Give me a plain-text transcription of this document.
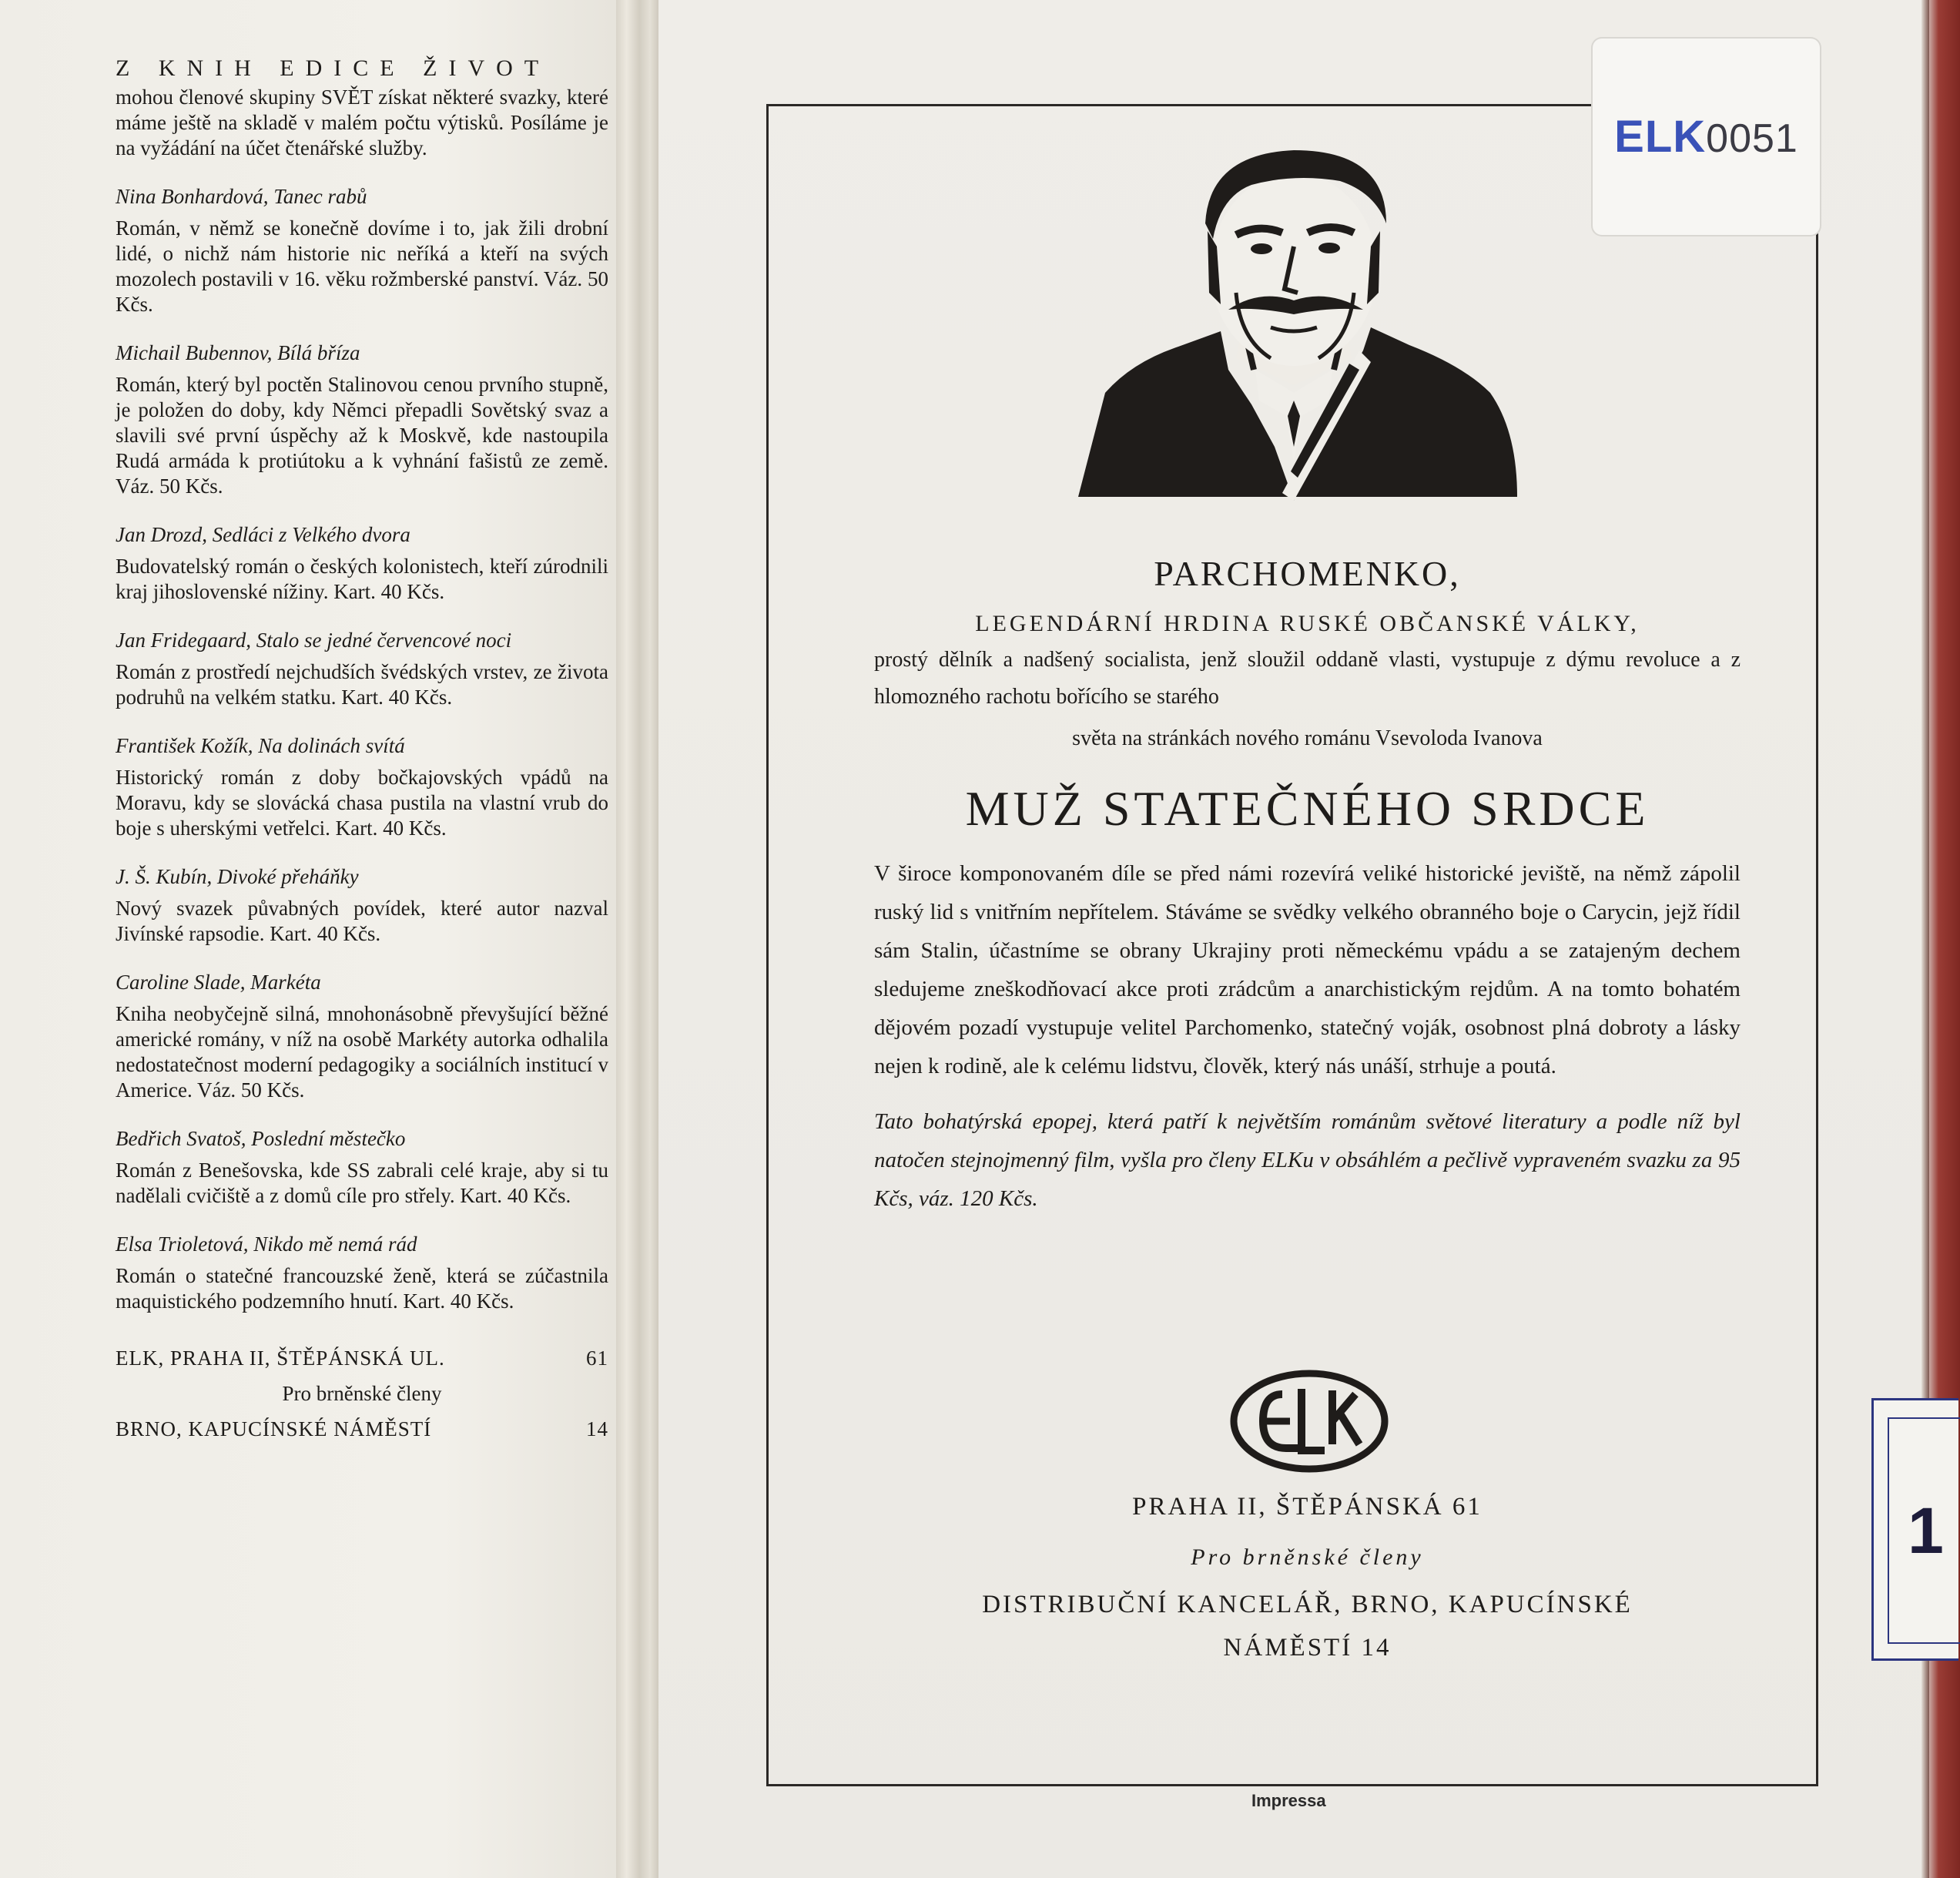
Z KNIH EDICE ŽIVOT

mohou členové skupiny SVĚT získat některé svazky, které máme ještě na skladě v malém počtu výtisků. Posíláme je na vyžádání na účet čtenářské služby.

Nina Bonhardová, Tanec rabů

Román, v němž se konečně dovíme i to, jak žili drobní lidé, o nichž nám historie nic neříká a kteří na svých mozolech postavili v 16. věku rožmberské panství. Váz. 50 Kčs.

Michail Bubennov, Bílá bříza

Román, který byl poctěn Stalinovou cenou prvního stupně, je položen do doby, kdy Němci přepadli Sovětský svaz a slavili své první úspěchy až k Moskvě, kde nastoupila Rudá armáda k protiútoku a k vyhnání fašistů ze země. Váz. 50 Kčs.

Jan Drozd, Sedláci z Velkého dvora

Budovatelský román o českých kolonistech, kteří zúrodnili kraj jihoslovenské nížiny. Kart. 40 Kčs.

Jan Fridegaard, Stalo se jedné červencové noci

Román z prostředí nejchudších švédských vrstev, ze života podruhů na velkém statku. Kart. 40 Kčs.

František Kožík, Na dolinách svítá

Historický román z doby bočkajovských vpádů na Moravu, kdy se slovácká chasa pustila na vlastní vrub do boje s uherskými vetřelci. Kart. 40 Kčs.

J. Š. Kubín, Divoké přeháňky

Nový svazek půvabných povídek, které autor nazval Jivínské rapsodie. Kart. 40 Kčs.

Caroline Slade, Markéta

Kniha neobyčejně silná, mnohonásobně převyšující běžné americké romány, v níž na osobě Markéty autorka odhalila nedostatečnost moderní pedagogiky a sociálních institucí v Americe. Váz. 50 Kčs.

Bedřich Svatoš, Poslední městečko

Román z Benešovska, kde SS zabrali celé kraje, aby si tu nadělali cvičiště a z domů cíle pro střely. Kart. 40 Kčs.

Elsa Trioletová, Nikdo mě nemá rád

Román o statečné francouzské ženě, která se zúčastnila maquistického podzemního hnutí. Kart. 40 Kčs.

ELK, PRAHA II, ŠTĚPÁNSKÁ UL.	61
Pro brněnské členy
BRNO, KAPUCÍNSKÉ NÁMĚSTÍ	14
ELK0051
PARCHOMENKO,
LEGENDÁRNÍ HRDINA RUSKÉ OBČANSKÉ VÁLKY,
prostý dělník a nadšený socialista, jenž sloužil oddaně vlasti, vystupuje z dýmu revoluce a z hlomozného rachotu bořícího se starého
světa na stránkách nového románu Vsevoloda Ivanova
MUŽ STATEČNÉHO SRDCE
V široce komponovaném díle se před námi rozevírá veliké historické jeviště, na němž zápolil ruský lid s vnitřním nepřítelem. Stáváme se svědky velkého obranného boje o Carycin, jejž řídil sám Stalin, účastníme se obrany Ukrajiny proti německému vpádu a se zatajeným dechem sledujeme zneškodňovací akce proti zrádcům a anarchistickým rejdům. A na tomto bohatém dějovém pozadí vystupuje velitel Parchomenko, statečný voják, osobnost plná dobroty a lásky nejen k rodině, ale k celému lidstvu, člověk, který nás unáší, strhuje a poutá.
Tato bohatýrská epopej, která patří k největším románům světové literatury a podle níž byl natočen stejnojmenný film, vyšla pro členy ELKu v obsáhlém a pečlivě vypraveném svazku za 95 Kčs, váz. 120 Kčs.
PRAHA II, ŠTĚPÁNSKÁ 61
Pro brněnské členy
DISTRIBUČNÍ KANCELÁŘ, BRNO, KAPUCÍNSKÉ
NÁMĚSTÍ 14
Impressa
1
